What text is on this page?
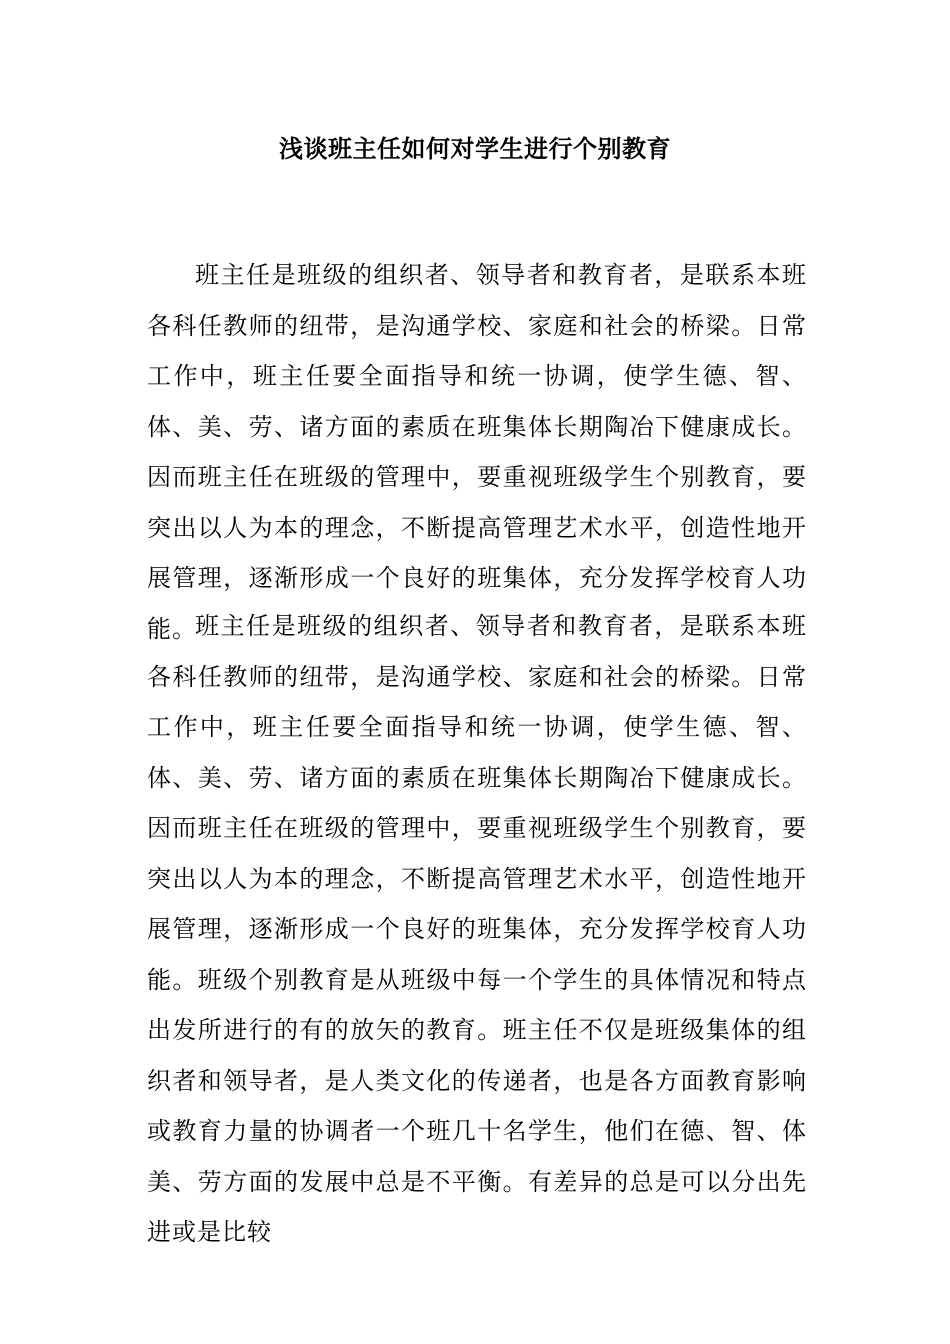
浅谈班主任如何对学生进行个别教育

班主任是班级的组织者、领导者和教育者，是联系本班各科任教师的纽带，是沟通学校、家庭和社会的桥梁。日常工作中，班主任要全面指导和统一协调，使学生德、智、体、美、劳、诸方面的素质在班集体长期陶冶下健康成长。因而班主任在班级的管理中，要重视班级学生个别教育，要突出以人为本的理念，不断提高管理艺术水平，创造性地开展管理，逐渐形成一个良好的班集体，充分发挥学校育人功能。

班主任是班级的组织者、领导者和教育者，是联系本班各科任教师的纽带，是沟通学校、家庭和社会的桥梁。日常工作中，班主任要全面指导和统一协调，使学生德、智、体、美、劳、诸方面的素质在班集体长期陶冶下健康成长。因而班主任在班级的管理中，要重视班级学生个别教育，要突出以人为本的理念，不断提高管理艺术水平，创造性地开展管理，逐渐形成一个良好的班集体，充分发挥学校育人功能。班级个别教育是从班级中每一个学生的具体情况和特点出发所进行的有的放矢的教育。班主任不仅是班级集体的组织者和领导者，是人类文化的传递者，也是各方面教育影响或教育力量的协调者一个班几十名学生，他们在德、智、体美、劳方面的发展中总是不平衡。有差异的总是可以分出先进或是比较
